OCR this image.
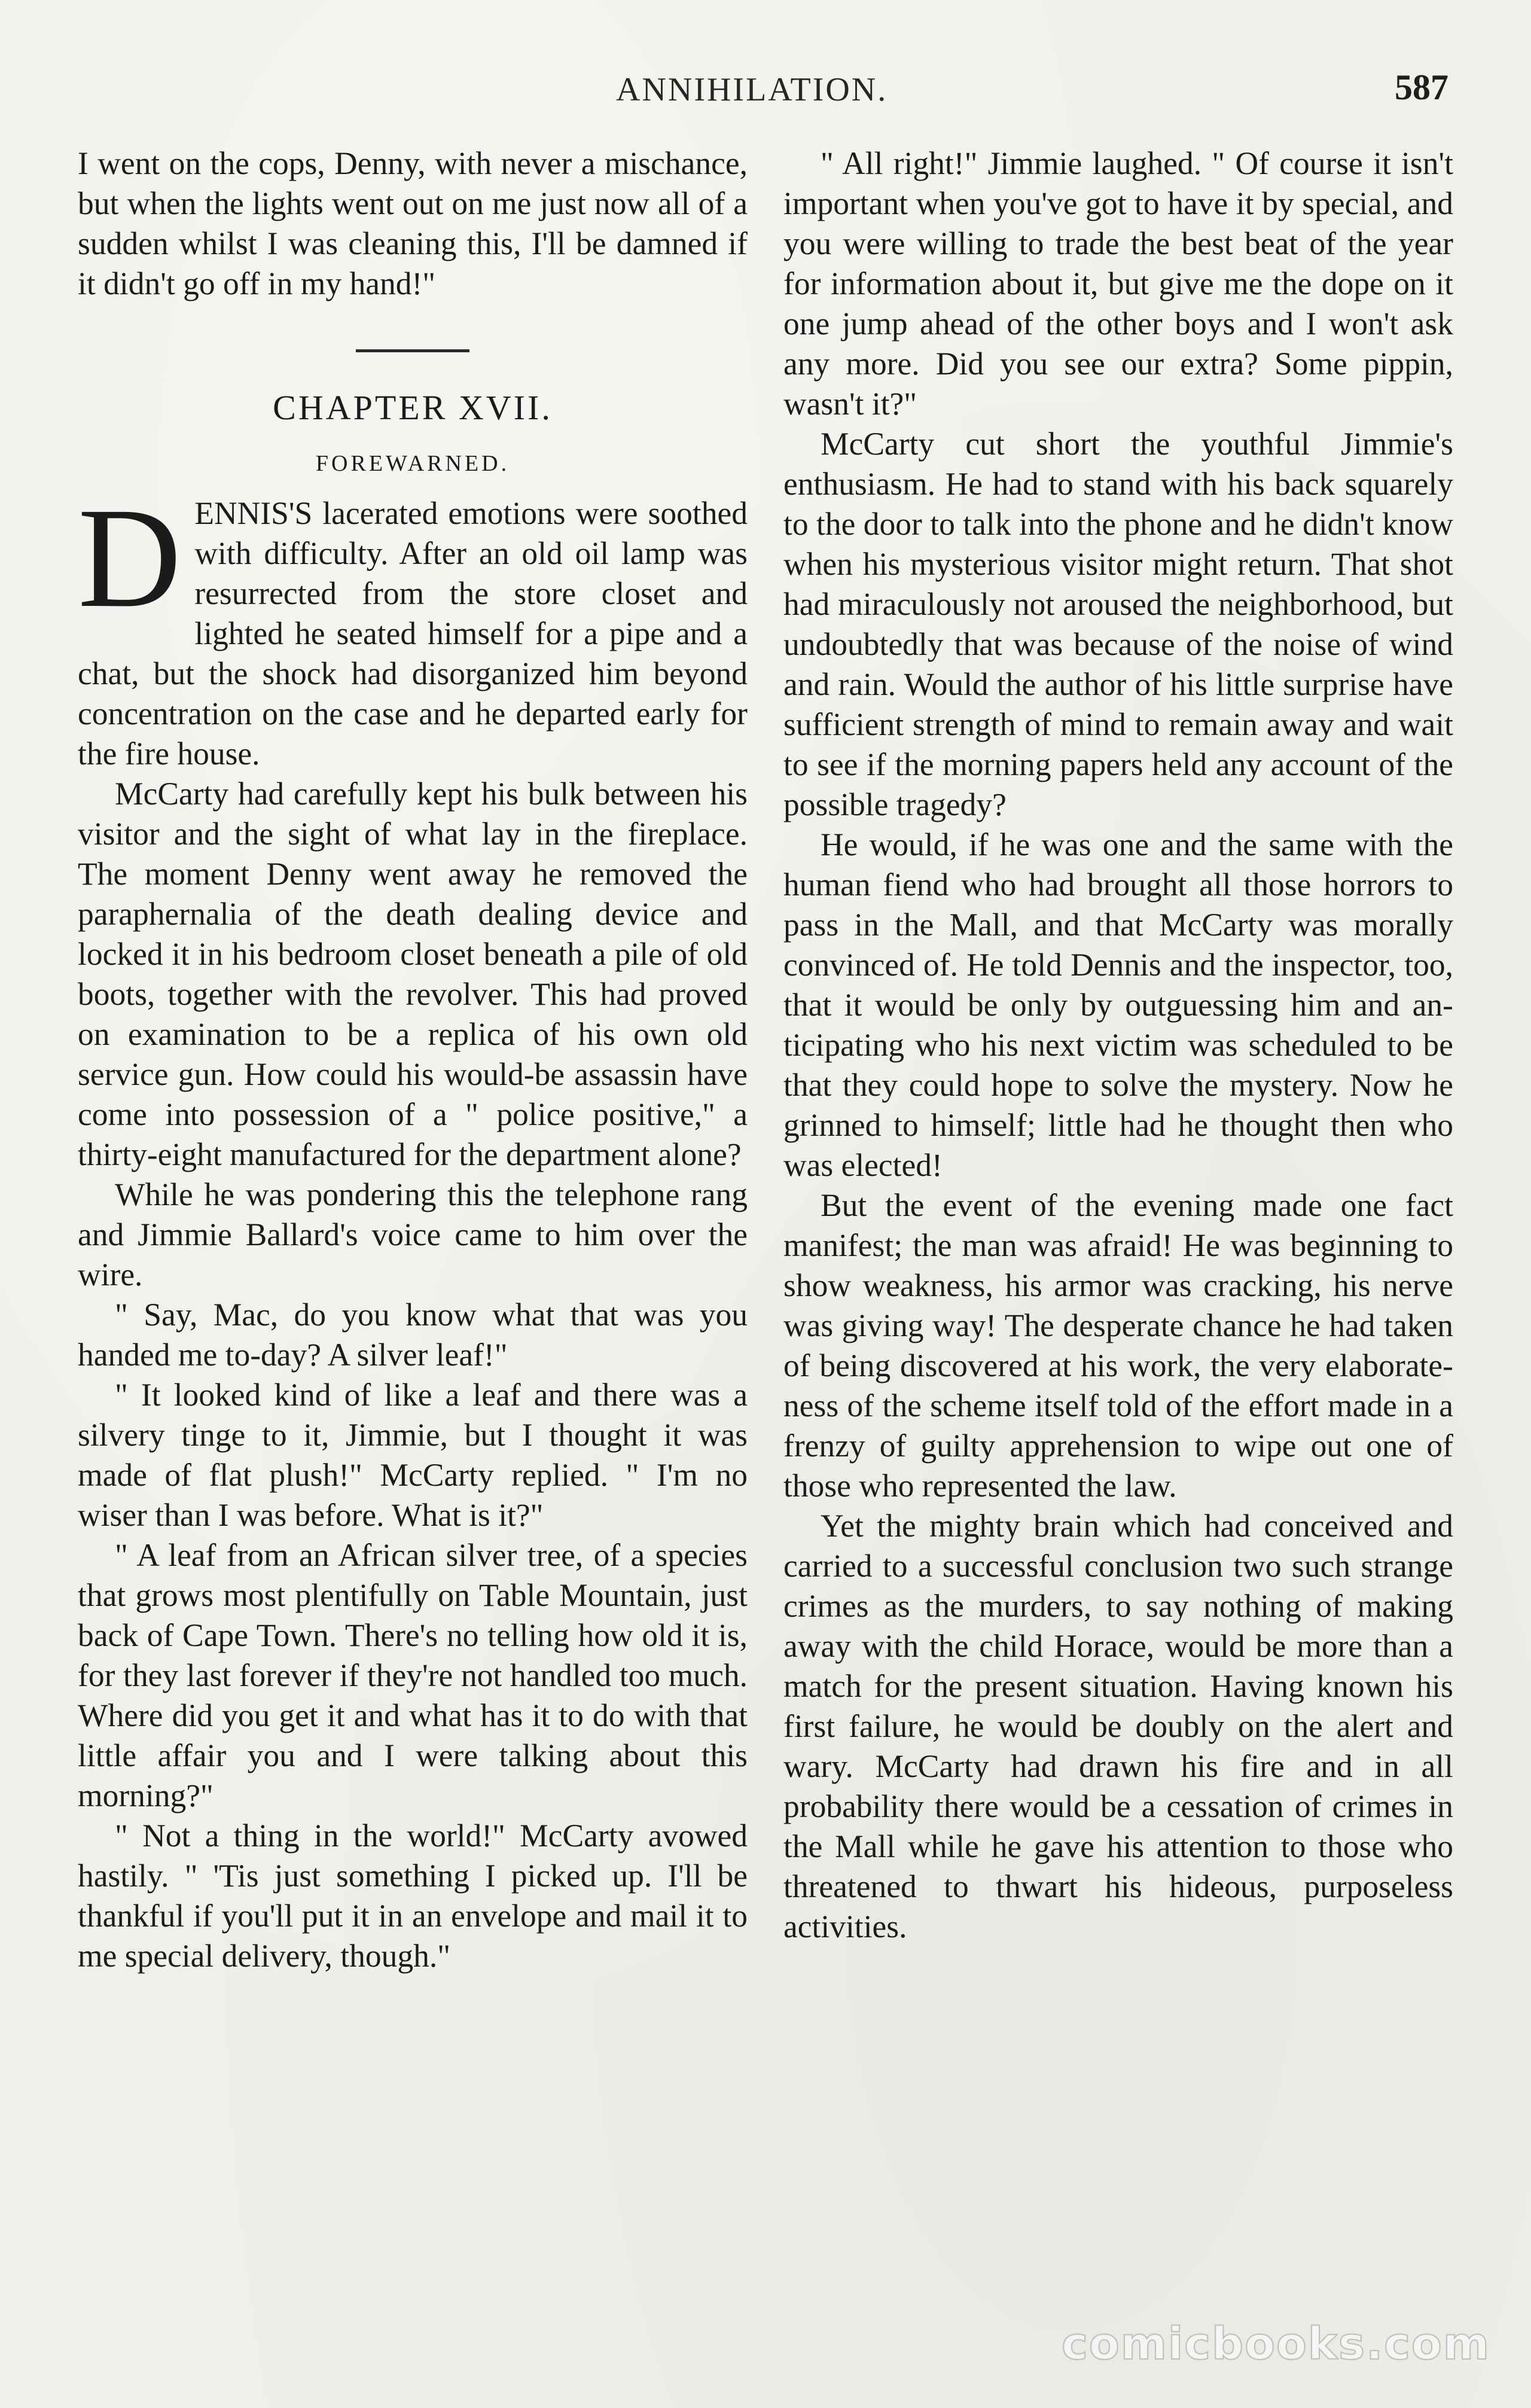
ANNIHILATION.	587

I went on the cops, Denny, with never a mischance, but when the lights went out on me just now all of a sudden whilst I was cleaning this, I'll be damned if it didn't go off in my hand!"

CHAPTER XVII.
FOREWARNED.

DENNIS'S lacerated emotions were soothed with difficulty. After an old oil lamp was resurrected from the store closet and lighted he seated himself for a pipe and a chat, but the shock had disorganized him beyond concentration on the case and he departed early for the fire house.

McCarty had carefully kept his bulk between his visitor and the sight of what lay in the fireplace. The moment Denny went away he removed the paraphernalia of the death dealing device and locked it in his bedroom closet beneath a pile of old boots, together with the revolver. This had proved on examination to be a replica of his own old service gun. How could his would-be assassin have come into possession of a " police positive," a thirty-eight manufactured for the department alone?

While he was pondering this the telephone rang and Jimmie Ballard's voice came to him over the wire.

" Say, Mac, do you know what that was you handed me to-day? A silver leaf!"

" It looked kind of like a leaf and there was a silvery tinge to it, Jimmie, but I thought it was made of flat plush!" McCarty replied. " I'm no wiser than I was before. What is it?"

" A leaf from an African silver tree, of a species that grows most plentifully on Table Mountain, just back of Cape Town. There's no telling how old it is, for they last forever if they're not handled too much. Where did you get it and what has it to do with that little affair you and I were talking about this morning?"

" Not a thing in the world!" McCarty avowed hastily. " 'Tis just something I picked up. I'll be thankful if you'll put it in an envelope and mail it to me special delivery, though."

" All right!" Jimmie laughed. " Of course it isn't important when you've got to have it by special, and you were willing to trade the best beat of the year for information about it, but give me the dope on it one jump ahead of the other boys and I won't ask any more. Did you see our extra? Some pippin, wasn't it?"

McCarty cut short the youthful Jimmie's enthusiasm. He had to stand with his back squarely to the door to talk into the phone and he didn't know when his mysterious visitor might return. That shot had miraculously not aroused the neighborhood, but undoubtedly that was because of the noise of wind and rain. Would the author of his little surprise have sufficient strength of mind to remain away and wait to see if the morning papers held any account of the possible tragedy?

He would, if he was one and the same with the human fiend who had brought all those horrors to pass in the Mall, and that McCarty was morally convinced of. He told Dennis and the inspector, too, that it would be only by outguessing him and anticipating who his next victim was scheduled to be that they could hope to solve the mystery. Now he grinned to himself; little had he thought then who was elected!

But the event of the evening made one fact manifest; the man was afraid! He was beginning to show weakness, his armor was cracking, his nerve was giving way! The desperate chance he had taken of being discovered at his work, the very elaborateness of the scheme itself told of the effort made in a frenzy of guilty apprehension to wipe out one of those who represented the law.

Yet the mighty brain which had conceived and carried to a successful conclusion two such strange crimes as the murders, to say nothing of making away with the child Horace, would be more than a match for the present situation. Having known his first failure, he would be doubly on the alert and wary. McCarty had drawn his fire and in all probability there would be a cessation of crimes in the Mall while he gave his attention to those who threatened to thwart his hideous, purposeless activities.

comicbooks.com
